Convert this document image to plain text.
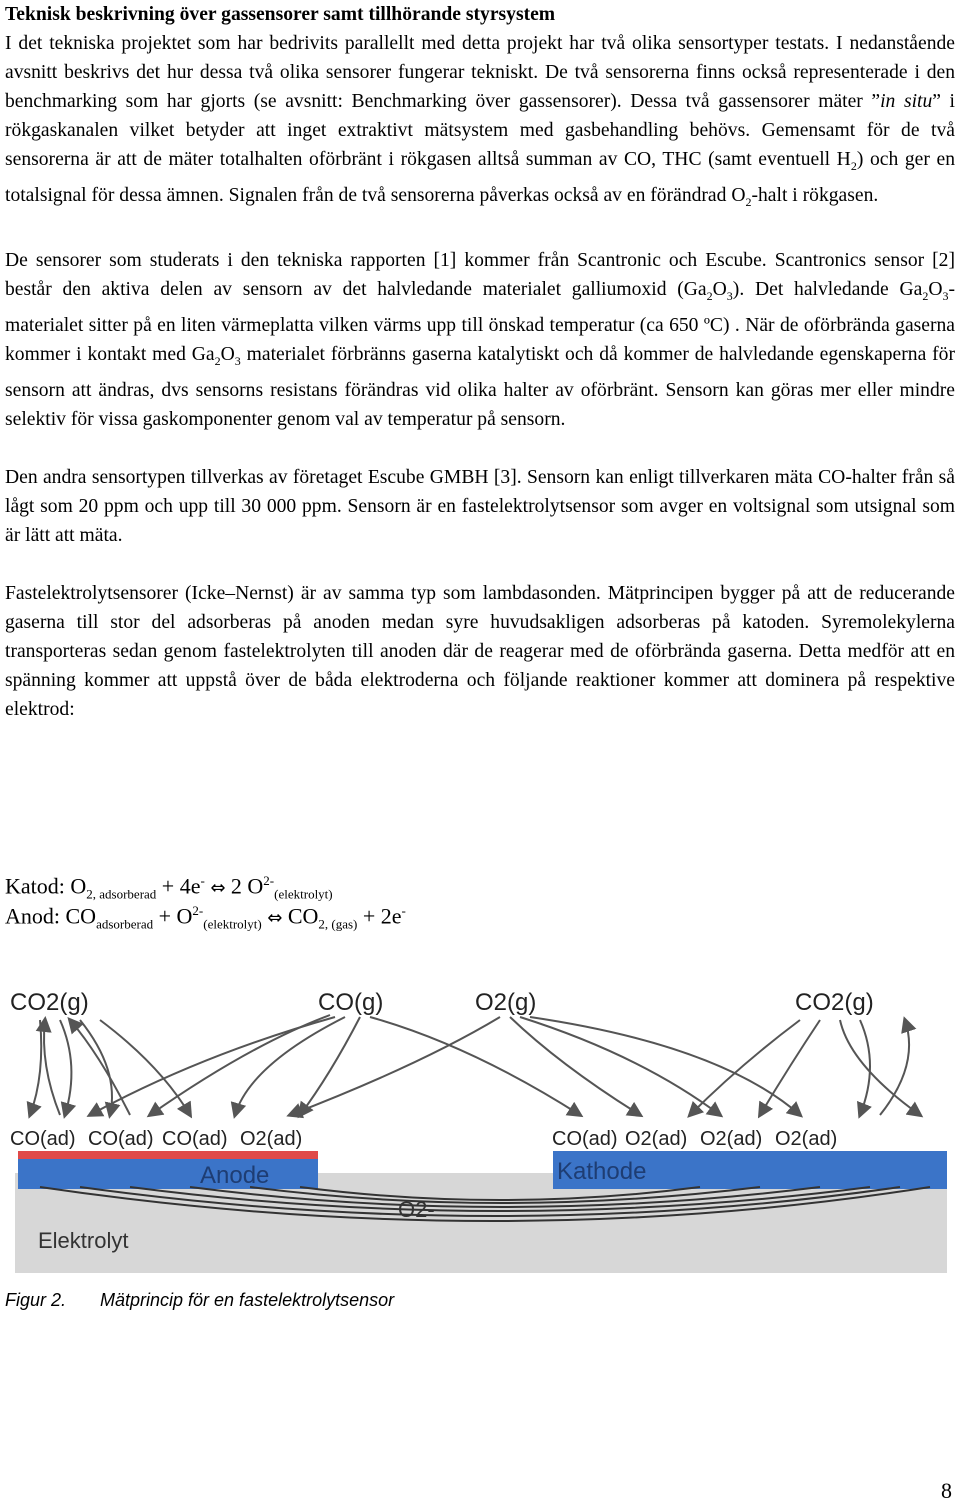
Teknisk beskrivning över gassensorer samt tillhörande styrsystem

I det tekniska projektet som har bedrivits parallellt med detta projekt har två olika sensortyper testats. I nedanstående avsnitt beskrivs det hur dessa två olika sensorer fungerar tekniskt. De två sensorerna finns också representerade i den benchmarking som har gjorts (se avsnitt: Benchmarking över gassensorer). Dessa två gassensorer mäter ”in situ” i rökgaskanalen vilket betyder att inget extraktivt mätsystem med gasbehandling behövs. Gemensamt för de två sensorerna är att de mäter totalhalten oförbränt i rökgasen alltså summan av CO, THC (samt eventuell $H_2$) och ger en totalsignal för dessa ämnen. Signalen från de två sensorerna påverkas också av en förändrad $O_2$-halt i rökgasen.

De sensorer som studerats i den tekniska rapporten [1] kommer från Scantronic och Escube. Scantronics sensor [2] består den aktiva delen av sensorn av det halvledande materialet galliumoxid $(Ga_2O_3)$. Det halvledande $Ga_2O_3-$ materialet sitter på en liten värmeplatta vilken värms upp till önskad temperatur (ca 650 ºC) . När de oförbrända gaserna kommer i kontakt med $Ga_2O_3$ materialet förbränns gaserna katalytiskt och då kommer de halvledande egenskaperna för sensorn att ändras, dvs sensorns resistans förändras vid olika halter av oförbränt. Sensorn kan göras mer eller mindre selektiv för vissa gaskomponenter genom val av temperatur på sensorn.

Den andra sensortypen tillverkas av företaget Escube GMBH [3]. Sensorn kan enligt tillverkaren mäta CO-halter från så lågt som 20 ppm och upp till 30 000 ppm. Sensorn är en fastelektrolytsensor som avger en voltsignal som utsignal som är lätt att mäta.

Fastelektrolytsensorer (Icke–Nernst) är av samma typ som lambdasonden. Mätprincipen bygger på att de reducerande gaserna till stor del adsorberas på anoden medan syre huvudsakligen adsorberas på katoden. Syremolekylerna transporteras sedan genom fastelektrolyten till anoden där de reagerar med de oförbrända gaserna. Detta medför att en spänning kommer att uppstå över de båda elektroderna och följande reaktioner kommer att dominera på respektive elektrod:

Katod: $O_{2, adsorberad} + 4e^-$ ⇔ 2 $O^{2-}_{(elektrolyt)}$
Anod: $CO_{adsorberad} + O^{2-}_{(elektrolyt)}$ ⇔ $CO_{2, (gas)} + 2e^-$
CO2(g)	CO(g)	O2(g)	CO2(g)
CO(ad) CO(ad) CO(ad) O2(ad)	CO(ad) O2(ad) O2(ad) O2(ad)
Anode	Kathode
O2-
Elektrolyt
Figur 2. Mätprincip för en fastelektrolytsensor
8
